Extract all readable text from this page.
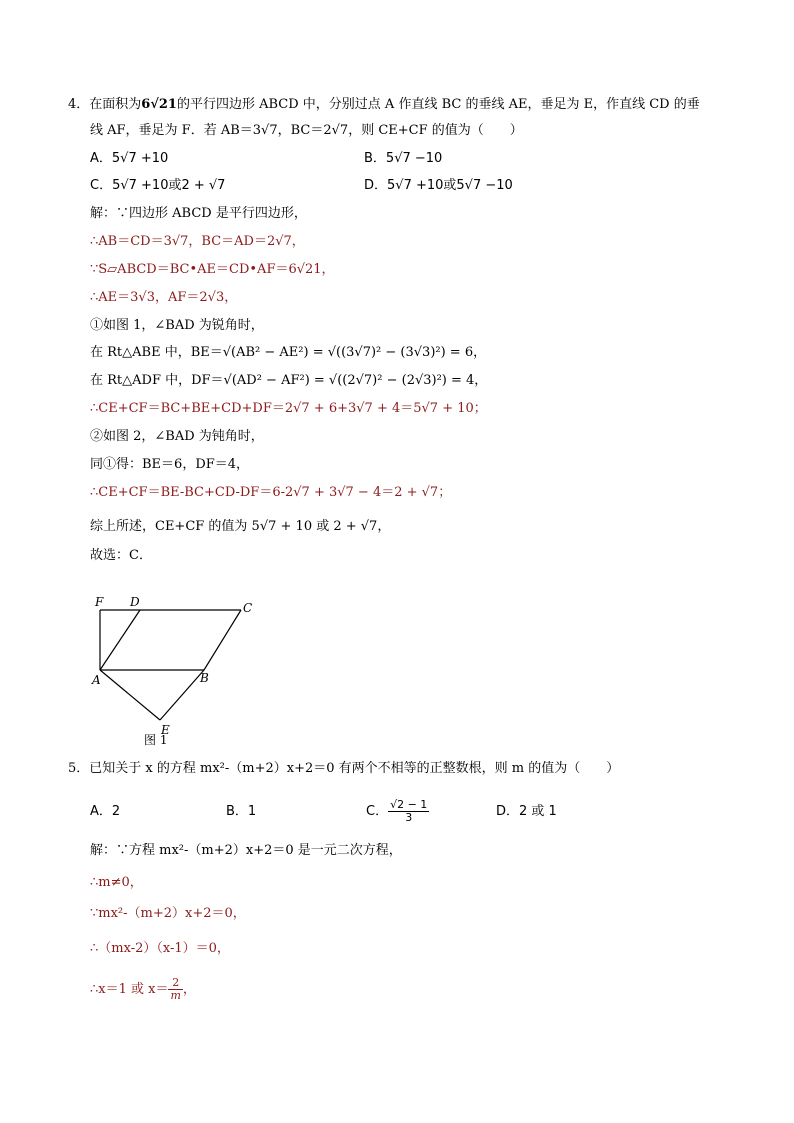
4．在面积为6√21的平行四边形 ABCD 中，分别过点 A 作直线 BC 的垂线 AE，垂足为 E，作直线 CD 的垂
线 AF，垂足为 F．若 AB＝3√7，BC＝2√7，则 CE+CF 的值为（　　）
A．5√7 +10	B．5√7 −10
C．5√7 +10或2 + √7	D．5√7 +10或5√7 −10
解：∵四边形 ABCD 是平行四边形，
∴AB＝CD＝3√7，BC＝AD＝2√7，
∵S▱ABCD＝BC•AE＝CD•AF＝6√21，
∴AE＝3√3，AF＝2√3，
①如图 1，∠BAD 为锐角时，
在 Rt△ABE 中，BE＝√(AB² − AE²) = √((3√7)² − (3√3)²) = 6，
在 Rt△ADF 中，DF＝√(AD² − AF²) = √((2√7)² − (2√3)²) = 4，
∴CE+CF＝BC+BE+CD+DF＝2√7 + 6+3√7 + 4＝5√7 + 10；
②如图 2，∠BAD 为钝角时，
同①得：BE＝6，DF＝4，
∴CE+CF＝BE-BC+CD-DF＝6-2√7 + 3√7 − 4＝2 + √7；
综上所述，CE+CF 的值为 5√7 + 10 或 2 + √7，
故选：C．
F D	C
A	B
E
图 1
5．已知关于 x 的方程 mx²-（m+2）x+2＝0 有两个不相等的正整数根，则 m 的值为（　　）
A．2	B．1	C． $\frac{√2 - 1}{3}$	D．2 或 1
解：∵方程 mx²-（m+2）x+2＝0 是一元二次方程，
∴m≠0，
∵mx²-（m+2）x+2＝0，
∴（mx-2）（x-1）＝0，
∴x＝1 或 $x= \frac{2}{m}$ ，
